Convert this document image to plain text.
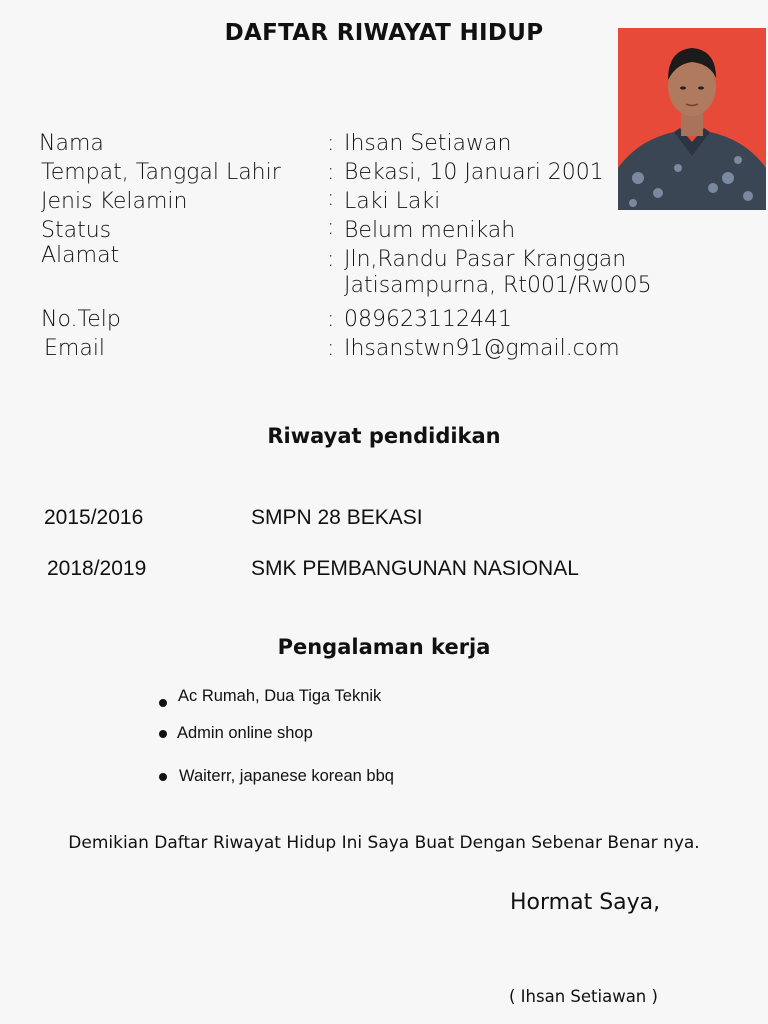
DAFTAR RIWAYAT HIDUP
Nama	: Ihsan Setiawan
Tempat, Tanggal Lahir : Bekasi, 10 Januari 2001
Jenis Kelamin	: Laki Laki
Status	: Belum menikah
Alamat	: Jln,Randu Pasar Kranggan
Jatisampurna, Rt001/Rw005
No.Telp	: 089623112441
Email	: Ihsanstwn91@gmail.com
Riwayat pendidikan
2015/2016	SMPN 28 BEKASI
2018/2019	SMK PEMBANGUNAN NASIONAL
Pengalaman kerja
Ac Rumah, Dua Tiga Teknik
Admin online shop
Waiterr, japanese korean bbq
Demikian Daftar Riwayat Hidup Ini Saya Buat Dengan Sebenar Benar nya.
Hormat Saya,
( Ihsan Setiawan )
